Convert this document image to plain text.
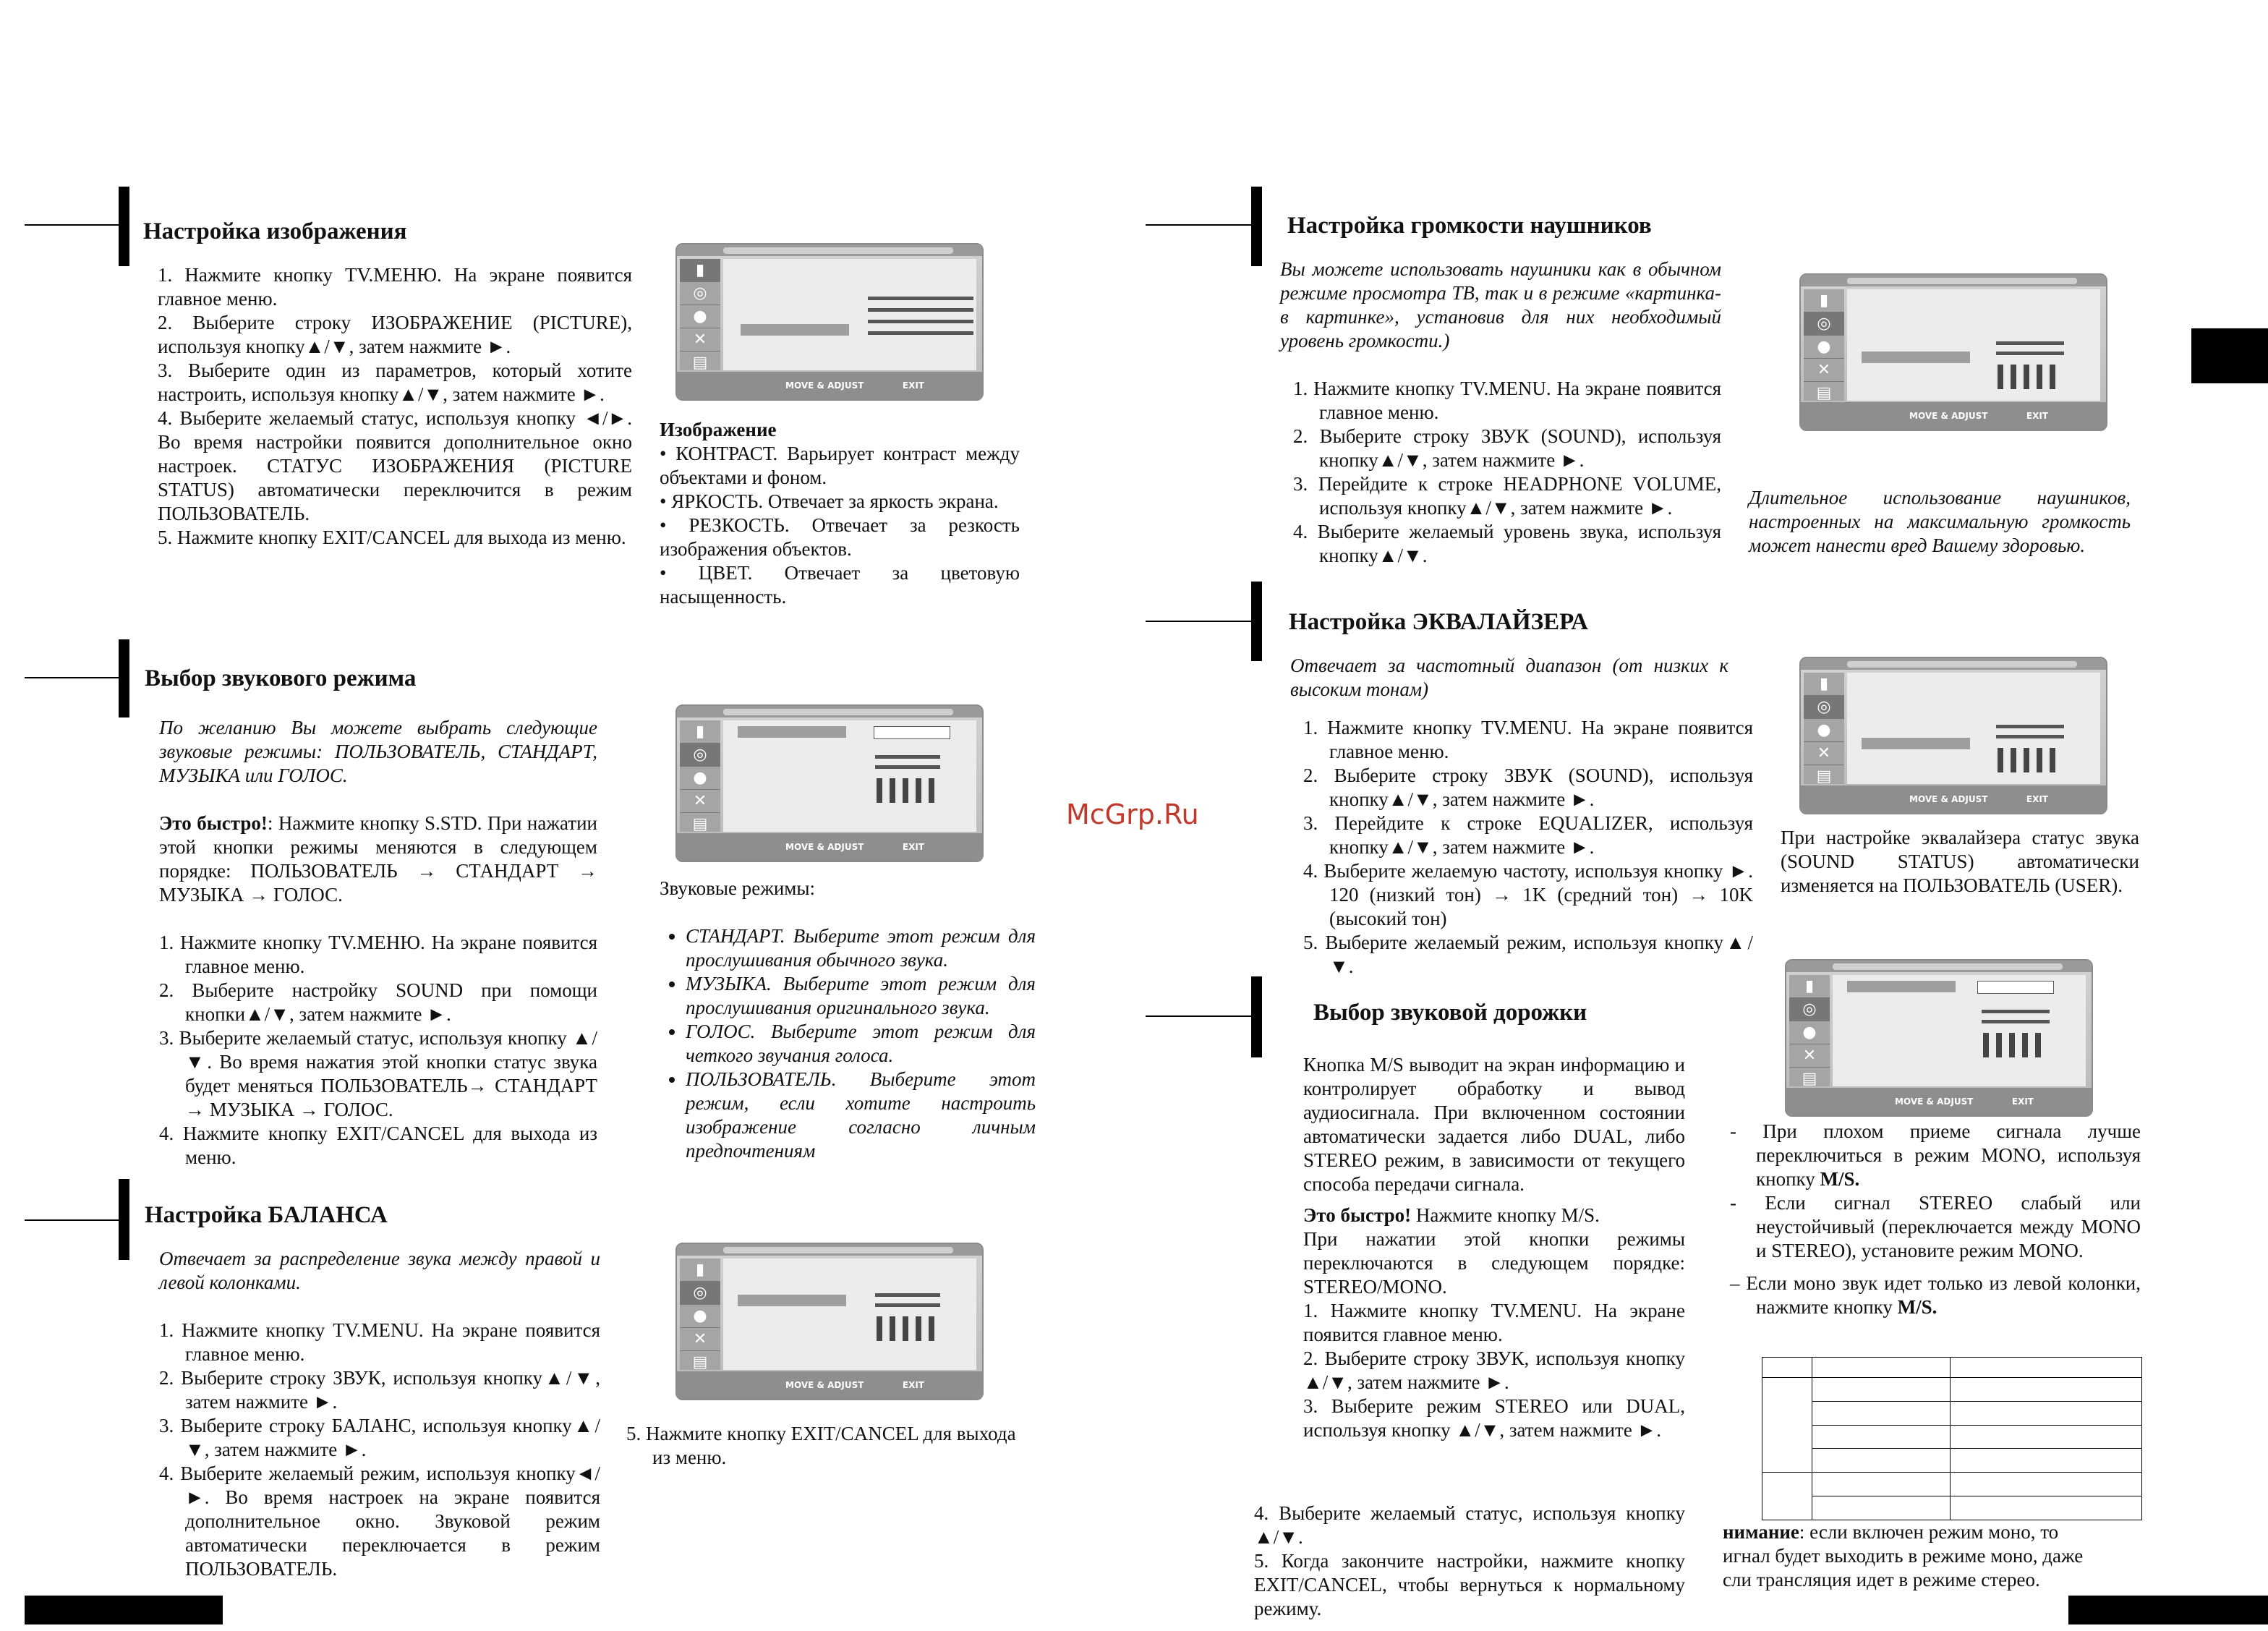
McGrp.Ru
Настройка изображения

1. Нажмите кнопку TV.МЕНЮ. На экране появится главное меню.

2. Выберите строку ИЗОБРАЖЕНИЕ (PICTURE), используя кнопку▲/▼, затем нажмите ►.

3. Выберите один из параметров, который хотите настроить, используя кнопку▲/▼, затем нажмите ►.

4. Выберите желаемый статус, используя кнопку ◄/►. Во время настройки появится дополнительное окно настроек. СТАТУС ИЗОБРАЖЕНИЯ (PICTURE STATUS) автоматически переключится в режим ПОЛЬЗОВАТЕЛЬ.

5. Нажмите кнопку EXIT/CANCEL для выхода из меню.

▮
◎
●
✕
▤
MOVE & ADJUST	EXIT

Изображение

• КОНТРАСТ. Варьирует контраст между объектами и фоном.

• ЯРКОСТЬ. Отвечает за яркость экрана.

• РЕЗКОСТЬ. Отвечает за резкость изображения объектов.

• ЦВЕТ. Отвечает за цветовую насыщенность.

Выбор звукового режима

По желанию Вы можете выбрать следующие звуковые режимы: ПОЛЬЗОВАТЕЛЬ, СТАНДАРТ, МУЗЫКА или ГОЛОС.

Это быстро!: Нажмите кнопку S.STD. При нажатии этой кнопки режимы меняются в следующем порядке: ПОЛЬЗОВАТЕЛЬ → СТАНДАРТ → МУЗЫКА → ГОЛОС.

1. Нажмите кнопку TV.МЕНЮ. На экране появится главное меню.

2. Выберите настройку SOUND при помощи кнопки▲/▼, затем нажмите ►.

3. Выберите желаемый статус, используя кнопку ▲/▼. Во время нажатия этой кнопки статус звука будет меняться ПОЛЬЗОВАТЕЛЬ→ СТАНДАРТ → МУЗЫКА → ГОЛОС.

4. Нажмите кнопку EXIT/CANCEL для выхода из меню.

▮
◎
●
✕
▤
MOVE & ADJUST	EXIT

Звуковые режимы:

• СТАНДАРТ. Выберите этот режим для прослушивания обычного звука.
• МУЗЫКА. Выберите этот режим для прослушивания оригинального звука.
• ГОЛОС. Выберите этот режим для четкого звучания голоса.
• ПОЛЬЗОВАТЕЛЬ. Выберите этот режим, если хотите настроить изображение согласно личным предпочтениям
Настройка БАЛАНСА

Отвечает за распределение звука между правой и левой колонками.

1. Нажмите кнопку TV.MENU. На экране появится главное меню.

2. Выберите строку ЗВУК, используя кнопку▲/▼, затем нажмите ►.

3. Выберите строку БАЛАНС, используя кнопку▲/▼, затем нажмите ►.

4. Выберите желаемый режим, используя кнопку◄/►. Во время настроек на экране появится дополнительное окно. Звуковой режим автоматически переключается в режим ПОЛЬЗОВАТЕЛЬ.

▮
◎
●
✕
▤
MOVE & ADJUST	EXIT
5. Нажмите кнопку EXIT/CANCEL для выхода из меню.
Настройка громкости наушников

Вы можете использовать наушники как в обычном режиме просмотра ТВ, так и в режиме «картинка-в картинке», установив для них необходимый уровень громкости.)

1. Нажмите кнопку TV.MENU. На экране появится главное меню.

2. Выберите строку ЗВУК (SOUND), используя кнопку▲/▼, затем нажмите ►.

3. Перейдите к строке HEADPHONE VOLUME, используя кнопку▲/▼, затем нажмите ►.

4. Выберите желаемый уровень звука, используя кнопку▲/▼.

▮
◎
●
✕
▤
MOVE & ADJUST	EXIT
Длительное использование наушников, настроенных на максимальную громкость может нанести вред Вашему здоровью.
Настройка ЭКВАЛАЙЗЕРА

Отвечает за частотный диапазон (от низких к высоким тонам)

1. Нажмите кнопку TV.MENU. На экране появится главное меню.

2. Выберите строку ЗВУК (SOUND), используя кнопку▲/▼, затем нажмите ►.

3. Перейдите к строке EQUALIZER, используя кнопку▲/▼, затем нажмите ►.

4. Выберите желаемую частоту, используя кнопку ►. 120 (низкий тон) → 1K (средний тон) → 10K (высокий тон)

5. Выберите желаемый режим, используя кнопку▲/▼.

▮
◎
●
✕
▤
MOVE & ADJUST	EXIT
При настройке эквалайзера статус звука (SOUND STATUS) автоматически изменяется на ПОЛЬЗОВАТЕЛЬ (USER).
Выбор звуковой дорожки

Кнопка M/S выводит на экран информацию и контролирует обработку и вывод аудиосигнала. При включенном состоянии автоматически задается либо DUAL, либо STEREO режим, в зависимости от текущего способа передачи сигнала.

Это быстро! Нажмите кнопку M/S.

При нажатии этой кнопки режимы переключаются в следующем порядке: STEREO/MONO.

1. Нажмите кнопку TV.MENU. На экране появится главное меню.

2. Выберите строку ЗВУК, используя кнопку ▲/▼, затем нажмите ►.

3. Выберите режим STEREO или DUAL, используя кнопку ▲/▼, затем нажмите ►.

4. Выберите желаемый статус, используя кнопку ▲/▼.

5. Когда закончите настройки, нажмите кнопку EXIT/CANCEL, чтобы вернуться к нормальному режиму.

▮
◎
●
✕
▤
MOVE & ADJUST	EXIT

- При плохом приеме сигнала лучше переключиться в режим MONO, используя кнопку M/S.

- Если сигнал STEREO слабый или неустойчивый (переключается между MONO и STEREO), установите режим MONO.

– Если моно звук идет только из левой колонки, нажмите кнопку M/S.

нимание: если включен режим моно, то

игнал будет выходить в режиме моно, даже

сли трансляция идет в режиме стерео.
